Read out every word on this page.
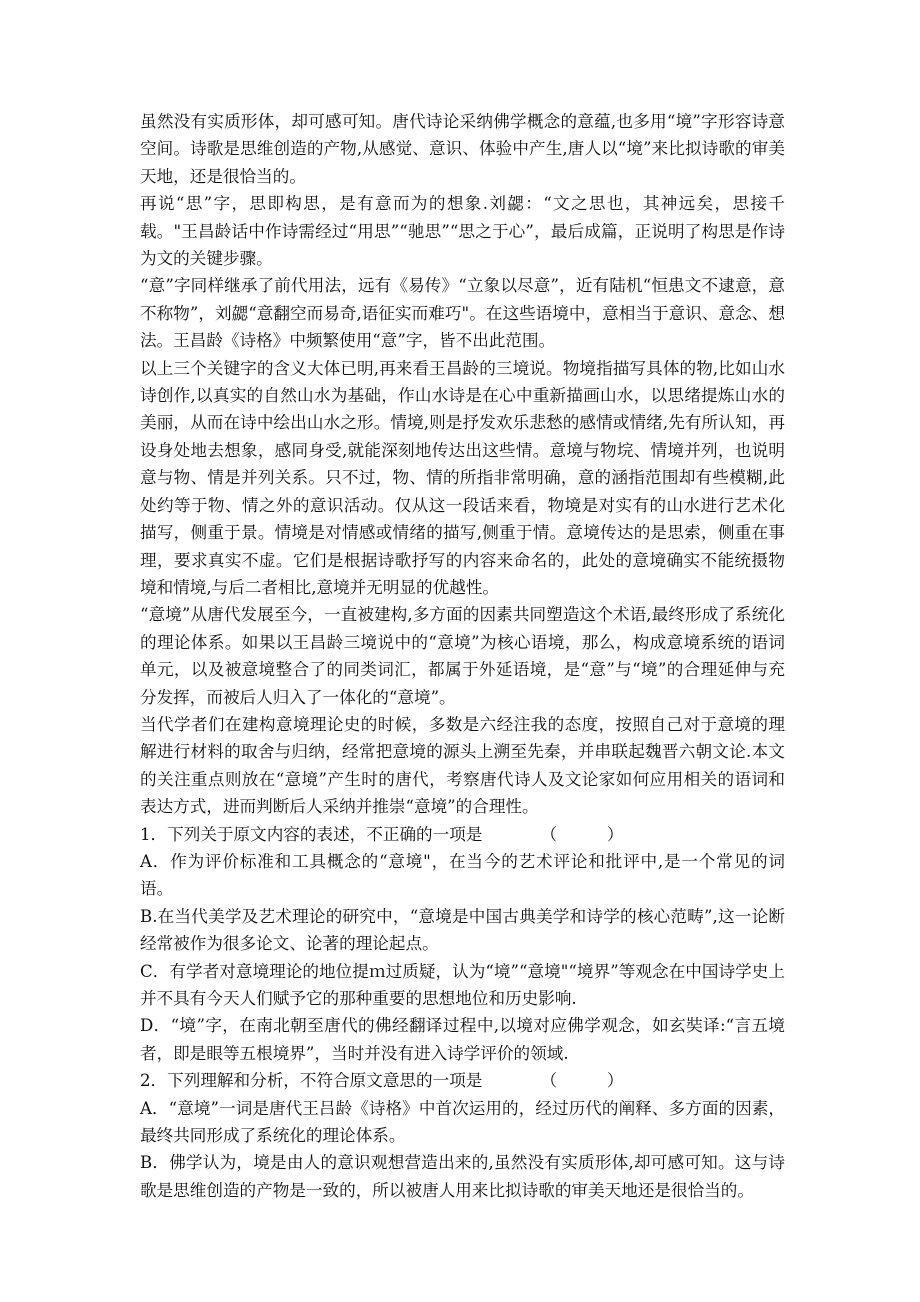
虽然没有实质形体，却可感可知。唐代诗论采纳佛学概念的意蕴,也多用“境”字形容诗意空间。诗歌是思维创造的产物,从感觉、意识、体验中产生,唐人以“境”来比拟诗歌的审美天地，还是很恰当的。

再说“思”字，思即构思，是有意而为的想象.刘勰：“文之思也，其神远矣，思接千载。"王昌龄话中作诗需经过“用思”“驰思”“思之于心”，最后成篇，正说明了构思是作诗为文的关键步骤。

“意”字同样继承了前代用法，远有《易传》“立象以尽意”，近有陆机“恒患文不逮意，意不称物”，刘勰“意翻空而易奇,语征实而难巧"。在这些语境中，意相当于意识、意念、想法。王昌龄《诗格》中频繁使用“意”字，皆不出此范围。

以上三个关键字的含义大体已明,再来看王昌龄的三境说。物境指描写具体的物,比如山水诗创作,以真实的自然山水为基础，作山水诗是在心中重新描画山水，以思绪提炼山水的美丽，从而在诗中绘出山水之形。情境,则是抒发欢乐悲愁的感情或情绪,先有所认知，再设身处地去想象，感同身受,就能深刻地传达出这些情。意境与物垸、情境并列，也说明意与物、情是并列关系。只不过，物、情的所指非常明确，意的涵指范围却有些模糊,此处约等于物、情之外的意识活动。仅从这一段话来看，物境是对实有的山水进行艺术化描写，侧重于景。情境是对情感或情绪的描写,侧重于情。意境传达的是思索，侧重在事理，要求真实不虚。它们是根据诗歌抒写的内容来命名的，此处的意境确实不能统摄物境和情境,与后二者相比,意境并无明显的优越性。

“意境”从唐代发展至今，一直被建构,多方面的因素共同塑造这个术语,最终形成了系统化的理论体系。如果以王昌龄三境说中的“意境”为核心语境，那么，构成意境系统的语词单元，以及被意境整合了的同类词汇，都属于外延语境，是“意”与“境”的合理延伸与充分发挥，而被后人归入了一体化的“意境”。

当代学者们在建构意境理论史的时候，多数是六经注我的态度，按照自己对于意境的理解进行材料的取舍与归纳，经常把意境的源头上溯至先秦，并串联起魏晋六朝文论.本文的关注重点则放在“意境”产生时的唐代，考察唐代诗人及文论家如何应用相关的语词和表达方式，进而判断后人采纳并推崇“意境”的合理性。

1．下列关于原文内容的表述，不正确的一项是　　　　（　　　）

A．作为评价标准和工具概念的“意境"，在当今的艺术评论和批评中,是一个常见的词语。

B.在当代美学及艺术理论的研究中，“意境是中国古典美学和诗学的核心范畴”,这一论断经常被作为很多论文、论著的理论起点。

C．有学者对意境理论的地位提ｍ过质疑，认为“境”“意境"“境界”等观念在中国诗学史上并不具有今天人们赋予它的那种重要的思想地位和历史影响.

D．“境”字，在南北朝至唐代的佛经翻译过程中,以境对应佛学观念，如玄奘译:“言五境者，即是眼等五根境界”，当时并没有进入诗学评价的领域.

2．下列理解和分析，不符合原文意思的一项是　　　　（　　　）

A．“意境”一词是唐代王吕龄《诗格》中首次运用的，经过历代的阐释、多方面的因素，最终共同形成了系统化的理论体系。

B．佛学认为，境是由人的意识观想营造出来的,虽然没有实质形体,却可感可知。这与诗歌是思维创造的产物是一致的，所以被唐人用来比拟诗歌的审美天地还是很恰当的。
